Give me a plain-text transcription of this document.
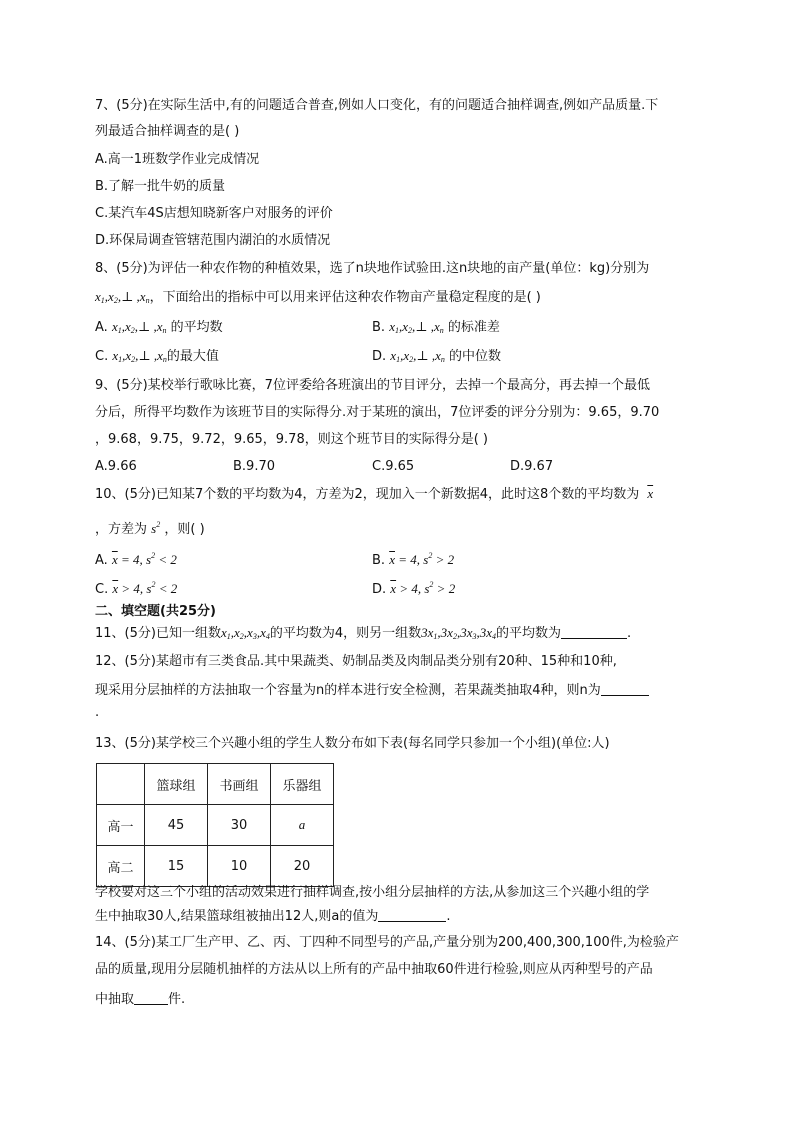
7、(5分)在实际生活中,有的问题适合普查,例如人口变化，有的问题适合抽样调查,例如产品质量.下
列最适合抽样调查的是( )
A.高一1班数学作业完成情况
B.了解一批牛奶的质量
C.某汽车4S店想知晓新客户对服务的评价
D.环保局调查管辖范围内湖泊的水质情况
8、(5分)为评估一种农作物的种植效果，选了n块地作试验田.这n块地的亩产量(单位：kg)分别为
$x_1,x_2,\perp$ $,x_n$，下面给出的指标中可以用来评估这种农作物亩产量稳定程度的是( )
A. $x_1,x_2,\perp$ $,x_n$ 的平均数	B. $x_1,x_2,\perp$ $,x_n$ 的标准差
C. $x_1,x_2,\perp$ $,x_n$的最大值	D. $x_1,x_2,\perp$ $,x_n$ 的中位数
9、(5分)某校举行歌咏比赛，7位评委给各班演出的节目评分，去掉一个最高分，再去掉一个最低
分后，所得平均数作为该班节目的实际得分.对于某班的演出，7位评委的评分分别为：9.65，9.70
，9.68，9.75，9.72，9.65，9.78，则这个班节目的实际得分是( )
A.9.66	B.9.70	C.9.65	D.9.67
10、(5分)已知某7个数的平均数为4，方差为2，现加入一个新数据4，此时这8个数的平均数为 $\overline{x}$
，方差为 $s^2$ ，则( )
A. $\overline{x} = 4$, $s^2 < 2$	B. $\overline{x} = 4$, $s^2 > 2$
C. $\overline{x} > 4$, $s^2 < 2$	D. $\overline{x} > 4$, $s^2 > 2$
二、填空题(共25分)
11、(5分)已知一组数$x_1,x_2,x_3,x_4$的平均数为4，则另一组数$3x_1,3x_2,3x_3,3x_4$的平均数为	.
12、(5分)某超市有三类食品.其中果蔬类、奶制品类及肉制品类分别有20种、15种和10种,
现采用分层抽样的方法抽取一个容量为n的样本进行安全检测，若果蔬类抽取4种，则n为
.
13、(5分)某学校三个兴趣小组的学生人数分布如下表(每名同学只参加一个小组)(单位:人)
	篮球组	书画组	乐器组
高一	45	30	a
高二	15	10	20
学校要对这三个小组的活动效果进行抽样调查,按小组分层抽样的方法,从参加这三个兴趣小组的学
生中抽取30人,结果篮球组被抽出12人,则a的值为	.
14、(5分)某工厂生产甲、乙、丙、丁四种不同型号的产品,产量分别为200,400,300,100件,为检验产
品的质量,现用分层随机抽样的方法从以上所有的产品中抽取60件进行检验,则应从丙种型号的产品
中抽取	件.
